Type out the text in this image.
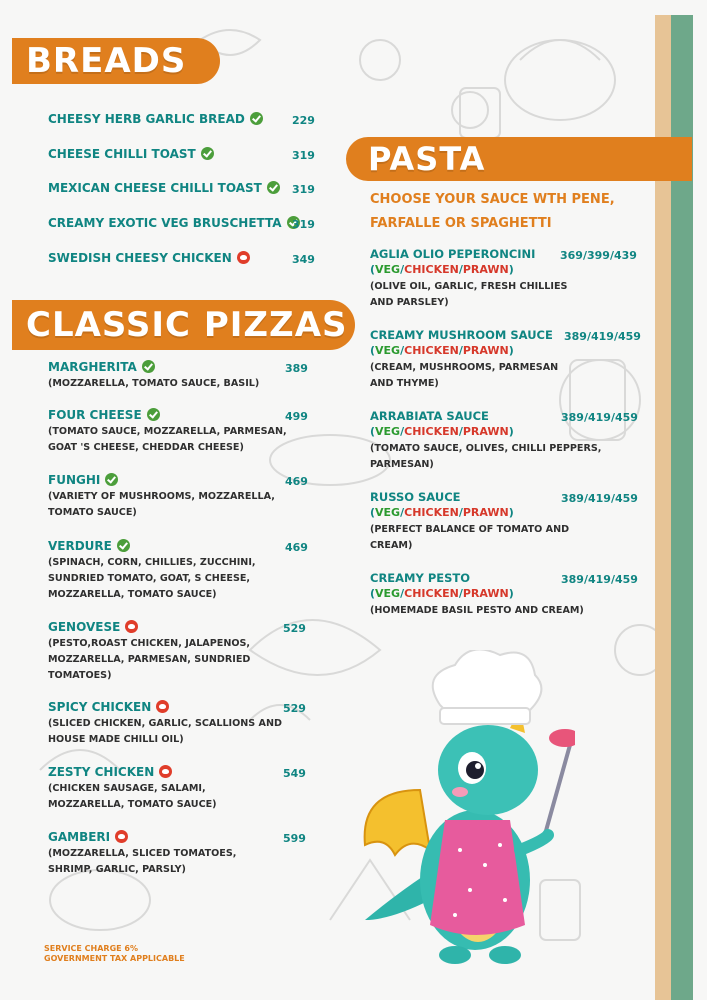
BREADS
CHEESY HERB GARLIC BREAD	229
CHEESE CHILLI TOAST	319
MEXICAN CHEESE CHILLI TOAST	319
CREAMY EXOTIC VEG BRUSCHETTA 319
SWEDISH CHEESY CHICKEN	349
CLASSIC PIZZAS
MARGHERITA	389
(MOZZARELLA, TOMATO SAUCE, BASIL)
FOUR CHEESE	499
(TOMATO SAUCE, MOZZARELLA, PARMESAN,
GOAT 'S CHEESE, CHEDDAR CHEESE)
FUNGHI	469
(VARIETY OF MUSHROOMS, MOZZARELLA,
TOMATO SAUCE)
VERDURE	469
(SPINACH, CORN, CHILLIES, ZUCCHINI,
SUNDRIED TOMATO, GOAT, S CHEESE,
MOZZARELLA, TOMATO SAUCE)
GENOVESE	529
(PESTO,ROAST CHICKEN, JALAPENOS,
MOZZARELLA, PARMESAN, SUNDRIED
TOMATOES)
SPICY CHICKEN	529
(SLICED CHICKEN, GARLIC, SCALLIONS AND
HOUSE MADE CHILLI OIL)
ZESTY CHICKEN	549
(CHICKEN SAUSAGE, SALAMI,
MOZZARELLA, TOMATO SAUCE)
GAMBERI	599
(MOZZARELLA, SLICED TOMATOES,
SHRIMP, GARLIC, PARSLY)
PASTA
CHOOSE YOUR SAUCE WTH PENE,
FARFALLE OR SPAGHETTI
AGLIA OLIO PEPERONCINI 369/399/439
(VEG/CHICKEN/PRAWN)
(OLIVE OIL, GARLIC, FRESH CHILLIES
AND PARSLEY)
CREAMY MUSHROOM SAUCE 389/419/459
(VEG/CHICKEN/PRAWN)
(CREAM, MUSHROOMS, PARMESAN
AND THYME)
ARRABIATA SAUCE	389/419/459
(VEG/CHICKEN/PRAWN)
(TOMATO SAUCE, OLIVES, CHILLI PEPPERS,
PARMESAN)
RUSSO SAUCE	389/419/459
(VEG/CHICKEN/PRAWN)
(PERFECT BALANCE OF TOMATO AND
CREAM)
CREAMY PESTO	389/419/459
(VEG/CHICKEN/PRAWN)
(HOMEMADE BASIL PESTO AND CREAM)
SERVICE CHARGE 6%
GOVERNMENT TAX APPLICABLE
